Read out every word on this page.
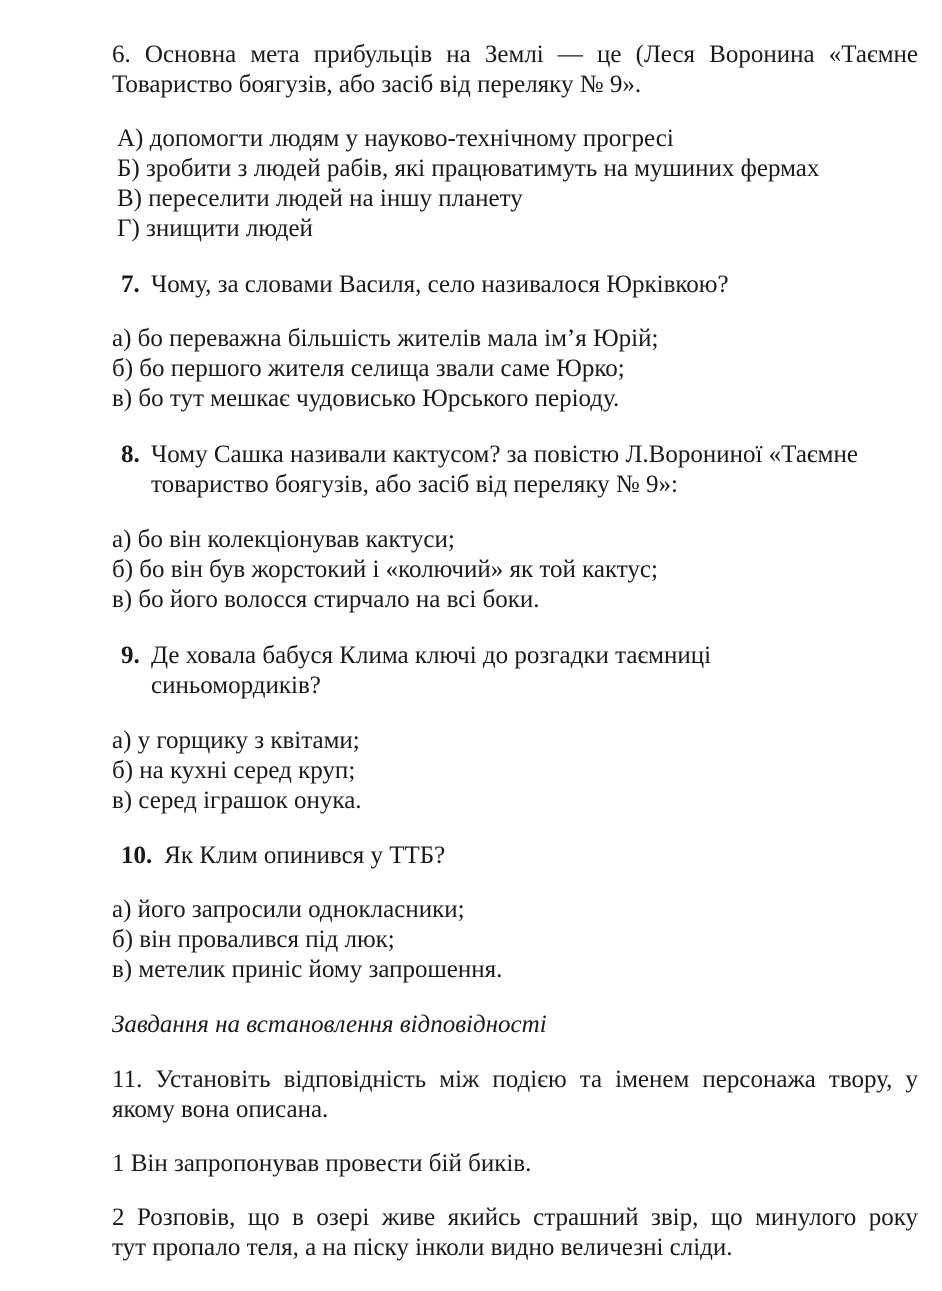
6. Основна мета прибульців на Землі — це (Леся Воронина «Таємне
Товариство боягузів, або засіб від переляку № 9».
А) допомогти людям у науково-технічному прогресі
Б) зробити з людей рабів, які працюватимуть на мушиних фермах
В) переселити людей на іншу планету
Г) знищити людей
7. Чому, за словами Василя, село називалося Юрківкою?
а) бо переважна більшість жителів мала ім’я Юрій;
б) бо першого жителя селища звали саме Юрко;
в) бо тут мешкає чудовисько Юрського періоду.
8. Чому Сашка називали кактусом? за повістю Л.Ворониної «Таємне
товариство боягузів, або засіб від переляку № 9»:
а) бо він колекціонував кактуси;
б) бо він був жорстокий і «колючий» як той кактус;
в) бо його волосся стирчало на всі боки.
9. Де ховала бабуся Клима ключі до розгадки таємниці
синьомордиків?
а) у горщику з квітами;
б) на кухні серед круп;
в) серед іграшок онука.
10. Як Клим опинився у ТТБ?
а) його запросили однокласники;
б) він провалився під люк;
в) метелик приніс йому запрошення.
Завдання на встановлення відповідності
11. Установіть відповідність між подією та іменем персонажа твору, у
якому вона описана.
1 Він запропонував провести бій биків.
2 Розповів, що в озері живе якийсь страшний звір, що минулого року
тут пропало теля, а на піску інколи видно величезні сліди.
